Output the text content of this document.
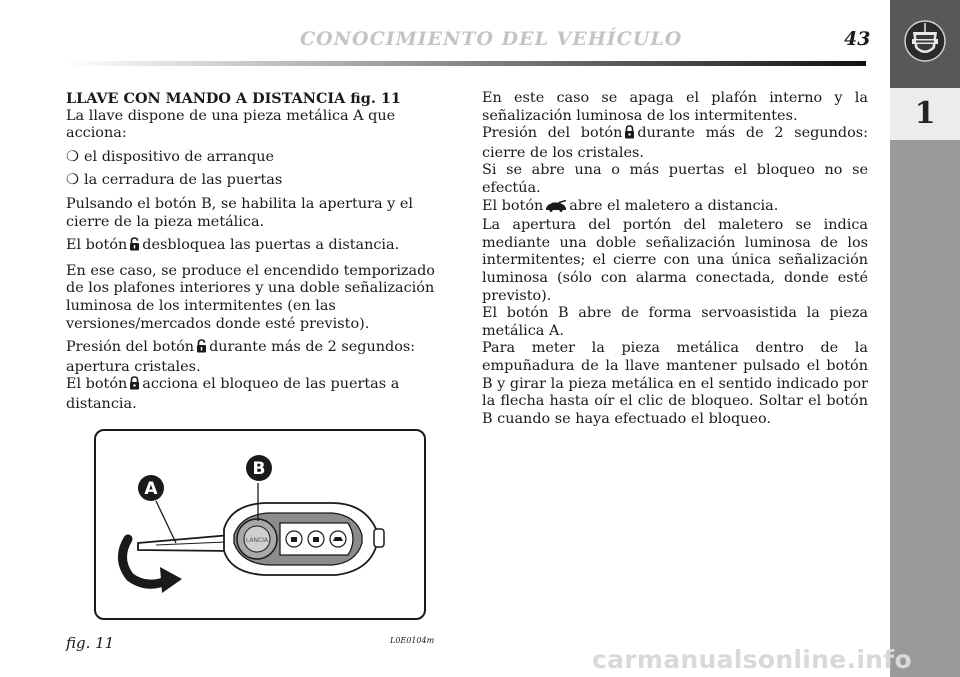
CONOCIMIENTO DEL VEHÍCULO	43
1

LLAVE CON MANDO A DISTANCIA fig. 11

La llave dispone de una pieza metálica A que acciona:

❍ el dispositivo de arranque

❍ la cerradura de las puertas

Pulsando el botón B, se habilita la apertura y el cierre de la pieza metálica.

El botón desbloquea las puertas a distancia.

En ese caso, se produce el encendido temporizado de los plafones interiores y una doble señalización luminosa de los intermitentes (en las versiones/mercados donde esté previsto).

Presión del botón durante más de 2 segundos: apertura cristales.

El botón acciona el bloqueo de las puertas a distancia.

En este caso se apaga el plafón interno y la señalización luminosa de los intermitentes.

Presión del botón durante más de 2 segundos: cierre de los cristales.

Si se abre una o más puertas el bloqueo no se efectúa.

El botón abre el maletero a distancia.

La apertura del portón del maletero se indica mediante una doble señalización luminosa de los intermitentes; el cierre con una única señalización luminosa (sólo con alarma conectada, donde esté previsto).

El botón B abre de forma servoasistida la pieza metálica A.

Para meter la pieza metálica dentro de la empuñadura de la llave mantener pulsado el botón B y girar la pieza metálica en el sentido indicado por la flecha hasta oír el clic de bloqueo. Soltar el botón B cuando se haya efectuado el bloqueo.

LANCIA
A
B
fig. 11	L0E0104m
carmanualsonline.info
